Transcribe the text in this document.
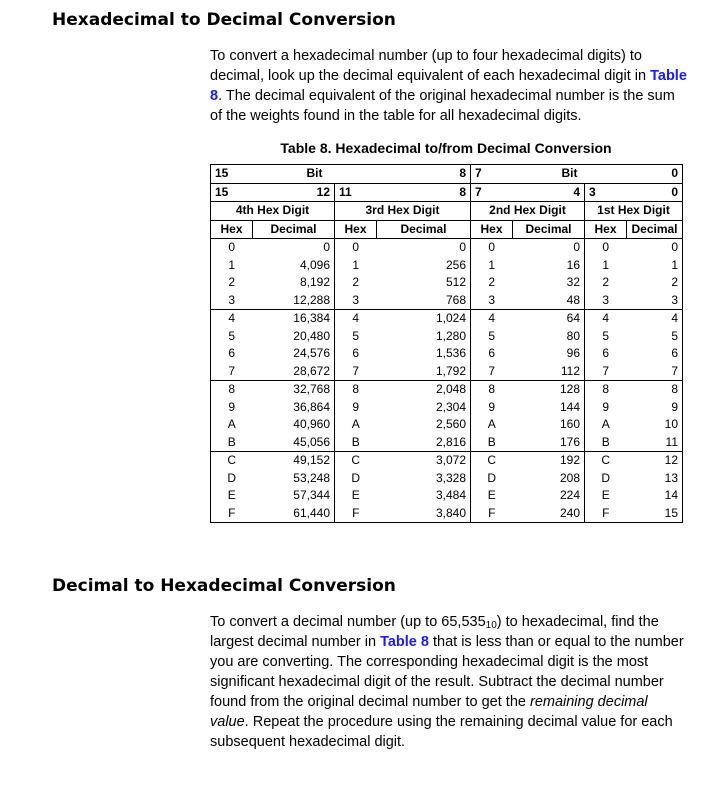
Hexadecimal to Decimal Conversion

To convert a hexadecimal number (up to four hexadecimal digits) to decimal, look up the decimal equivalent of each hexadecimal digit in Table 8. The decimal equivalent of the original hexadecimal number is the sum of the weights found in the table for all hexadecimal digits.

Table 8. Hexadecimal to/from Decimal Conversion

15	Bit		8	7	Bit		0
15	12	11	8	7	4	3	0
4th Hex Digit		3rd Hex Digit		2nd Hex Digit		1st Hex Digit	
Hex	Decimal	Hex	Decimal	Hex	Decimal	Hex	Decimal
0	0	0	0	0	0	0	0
1	4,096	1	256	1	16	1	1
2	8,192	2	512	2	32	2	2
3	12,288	3	768	3	48	3	3
4	16,384	4	1,024	4	64	4	4
5	20,480	5	1,280	5	80	5	5
6	24,576	6	1,536	6	96	6	6
7	28,672	7	1,792	7	112	7	7
8	32,768	8	2,048	8	128	8	8
9	36,864	9	2,304	9	144	9	9
A	40,960	A	2,560	A	160	A	10
B	45,056	B	2,816	B	176	B	11
C	49,152	C	3,072	C	192	C	12
D	53,248	D	3,328	D	208	D	13
E	57,344	E	3,484	E	224	E	14
F	61,440	F	3,840	F	240	F	15
Decimal to Hexadecimal Conversion

To convert a decimal number (up to $65,535_{10}$) to hexadecimal, find the largest decimal number in Table 8 that is less than or equal to the number you are converting. The corresponding hexadecimal digit is the most significant hexadecimal digit of the result. Subtract the decimal number found from the original decimal number to get the remaining decimal value. Repeat the procedure using the remaining decimal value for each subsequent hexadecimal digit.
